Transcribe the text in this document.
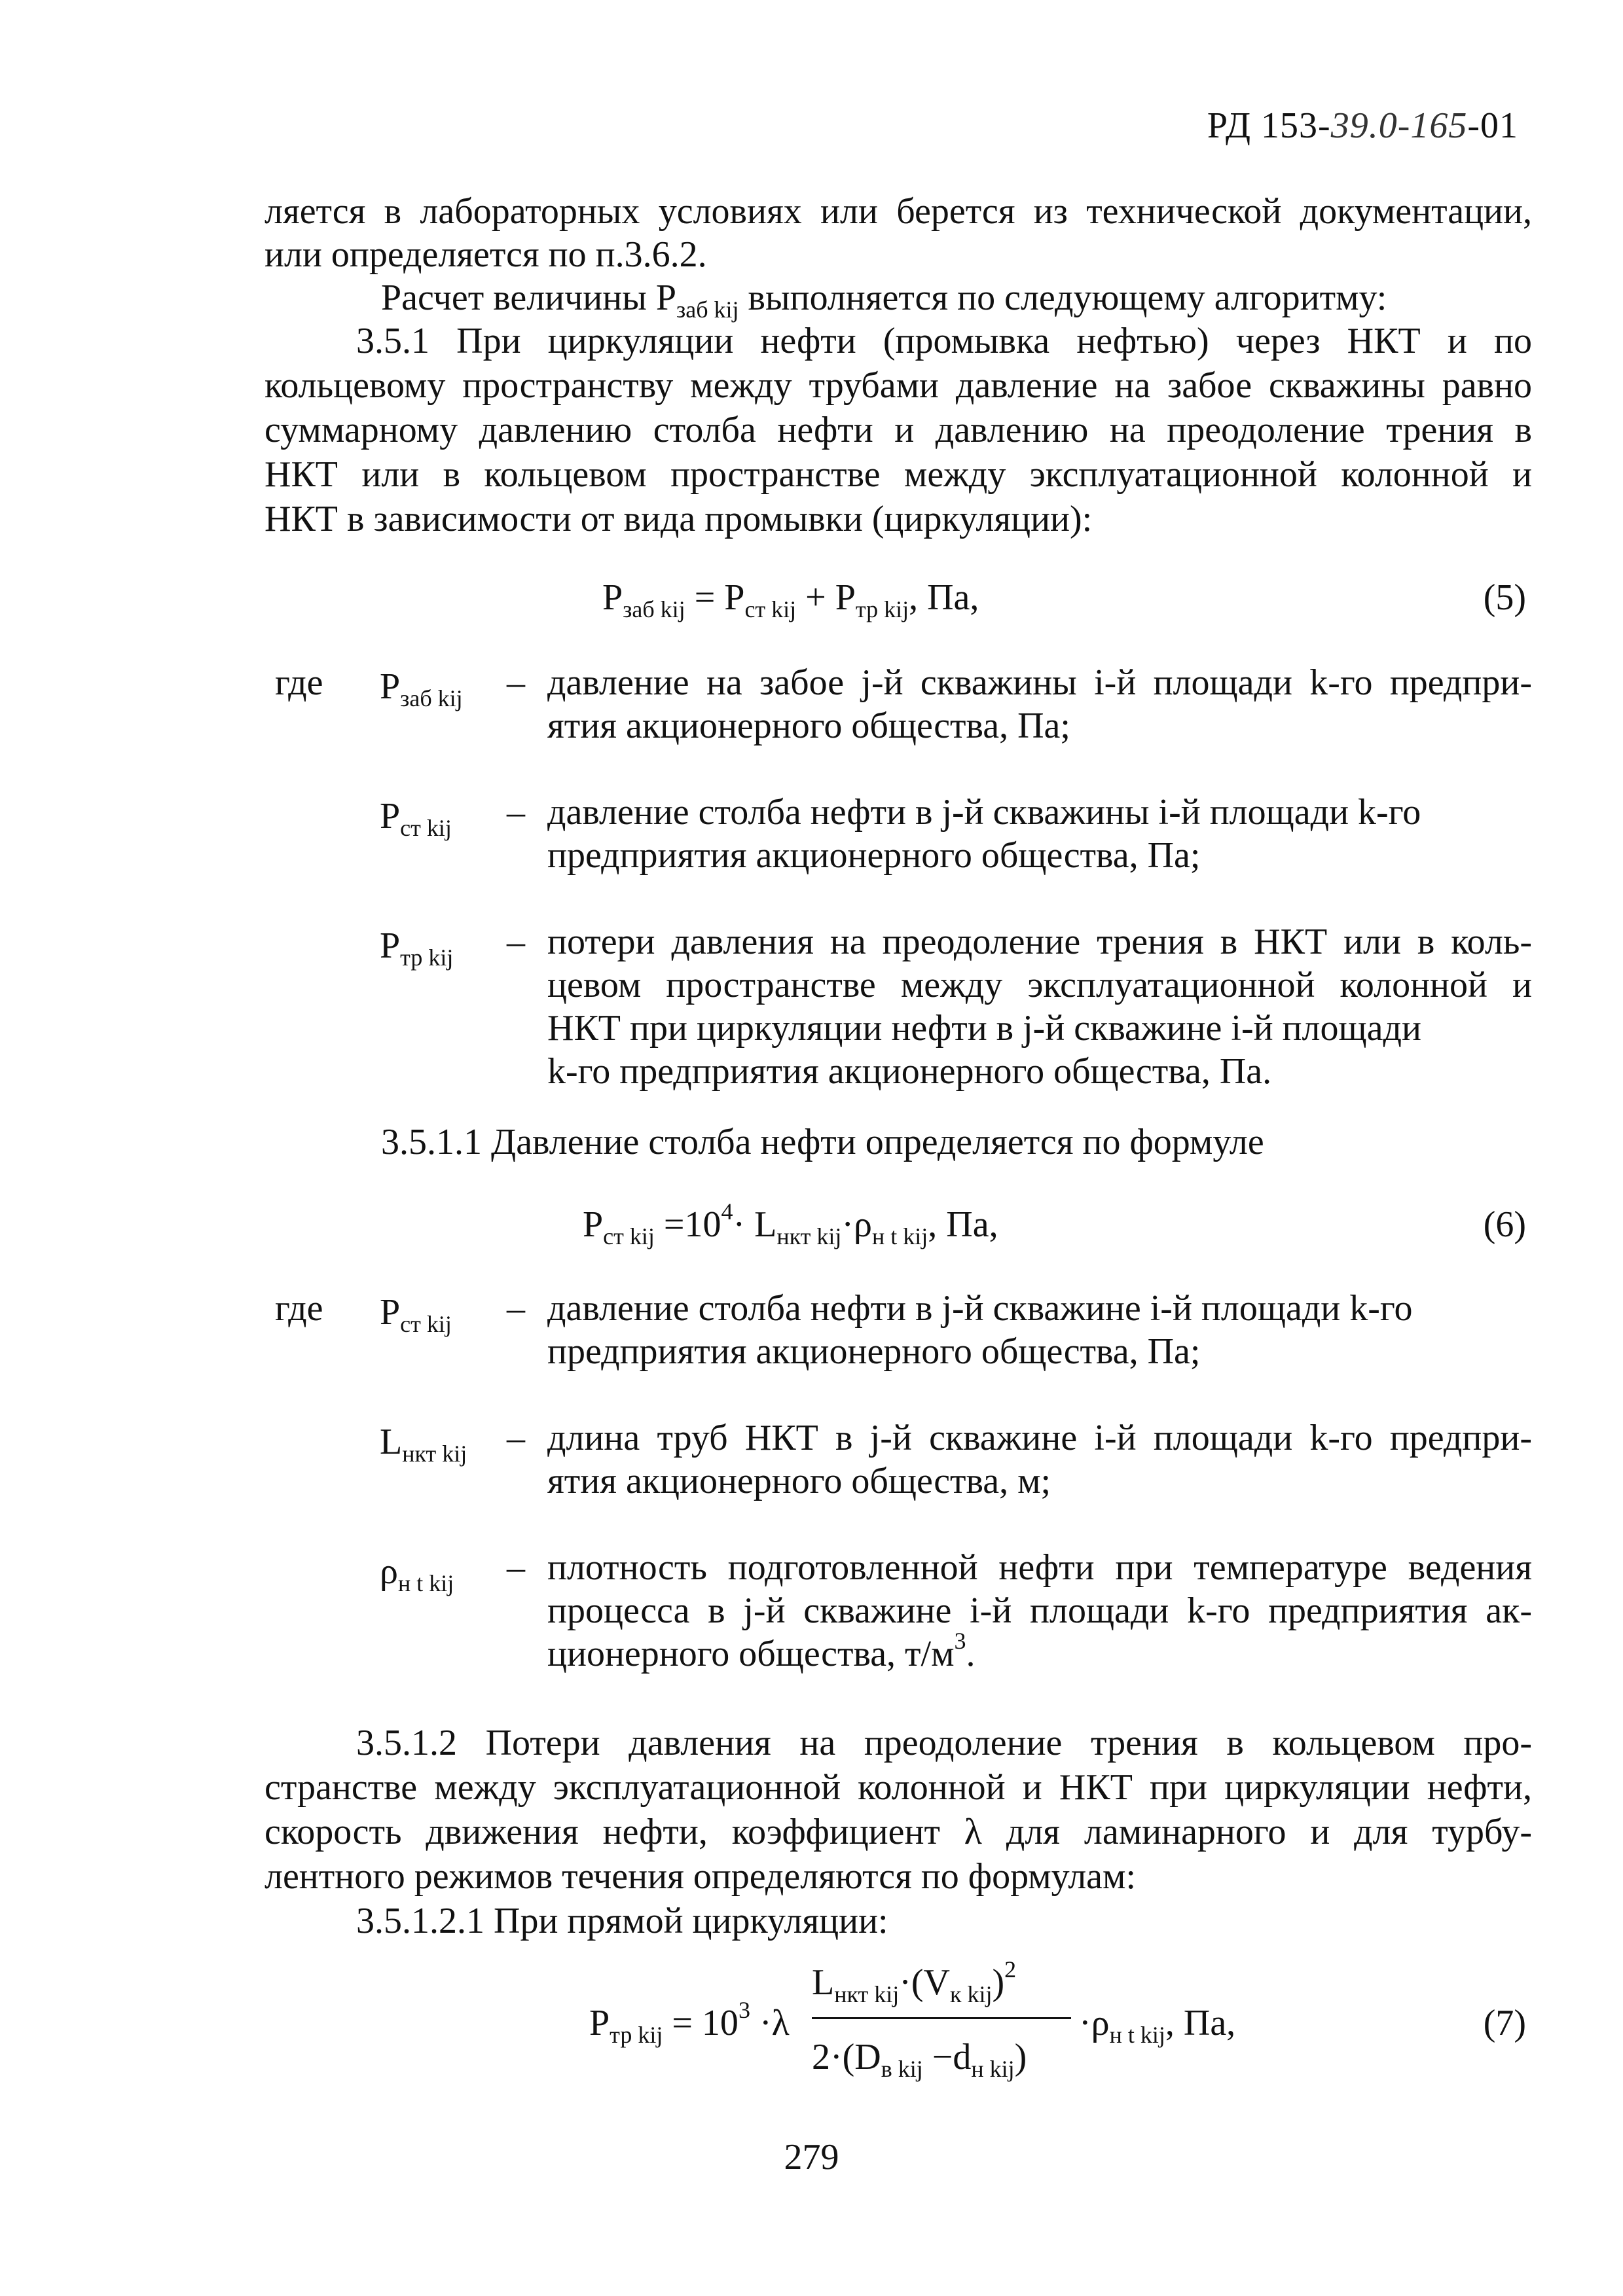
РД 153-39.0-165-01
ляется в лабораторных условиях или берется из технической документации,
или определяется по п.3.6.2.
Расчет величины $P_{заб kij}$ выполняется по следующему алгоритму:
3.5.1 При циркуляции нефти (промывка нефтью) через НКТ и по
кольцевому пространству между трубами давление на забое скважины равно
суммарному давлению столба нефти и давлению на преодоление трения в
НКТ или в кольцевом пространстве между эксплуатационной колонной и
НКТ в зависимости от вида промывки (циркуляции):
$P_{заб kij} = P_{ст kij} + P_{тр kij}$, Па,	(5)
где $P_{заб kij}$ – давление на забое j-й скважины i-й площади k-го предпри-
ятия акционерного общества, Па;
$P_{ст kij}$ – давление столба нефти в j-й скважины i-й площади k-го
предприятия акционерного общества, Па;
$P_{тр kij}$ – потери давления на преодоление трения в НКТ или в коль-
цевом пространстве между эксплуатационной колонной и
НКТ при циркуляции нефти в j-й скважине i-й площади
k-го предприятия акционерного общества, Па.
3.5.1.1 Давление столба нефти определяется по формуле
$P_{ст kij} =10^4\cdot L_{нкт kij}\cdot\rho_{н t kij}$, Па,	(6)
где $P_{ст kij}$ – давление столба нефти в j-й скважине i-й площади k-го
предприятия акционерного общества, Па;
$L_{нкт kij}$ – длина труб НКТ в j-й скважине i-й площади k-го предпри-
ятия акционерного общества, м;
$\rho_{н t kij}$ – плотность подготовленной нефти при температуре ведения
процесса в j-й скважине i-й площади k-го предприятия ак-
ционерного общества, $т/м^3$.
3.5.1.2 Потери давления на преодоление трения в кольцевом про-
странстве между эксплуатационной колонной и НКТ при циркуляции нефти,
скорость движения нефти, коэффициент λ для ламинарного и для турбу-
лентного режимов течения определяются по формулам:
3.5.1.2.1 При прямой циркуляции:
$P_{тр kij} = 10^3 \cdot\lambda$
$L_{нкт kij}\cdot(V_{к kij})^2$
$2\cdot(D_{в kij} -d_{н kij})$
$\cdot\rho_{н t kij}$, Па,	(7)
279
